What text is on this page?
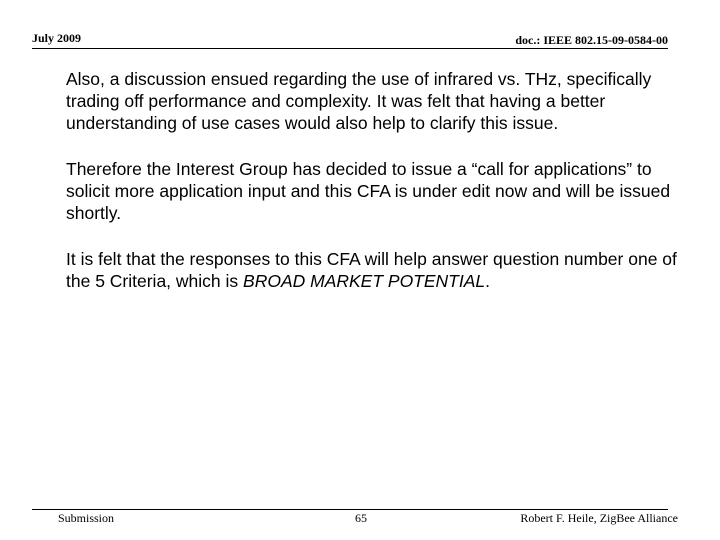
July 2009	doc.: IEEE 802.15-09-0584-00

Also, a discussion ensued regarding the use of infrared vs. THz, specifically trading off performance and complexity. It was felt that having a better understanding of use cases would also help to clarify this issue.

Therefore the Interest Group has decided to issue a “call for applications” to solicit more application input and this CFA is under edit now and will be issued shortly.

It is felt that the responses to this CFA will help answer question number one of the 5 Criteria, which is BROAD MARKET POTENTIAL.

Submission	65	Robert F. Heile, ZigBee Alliance
